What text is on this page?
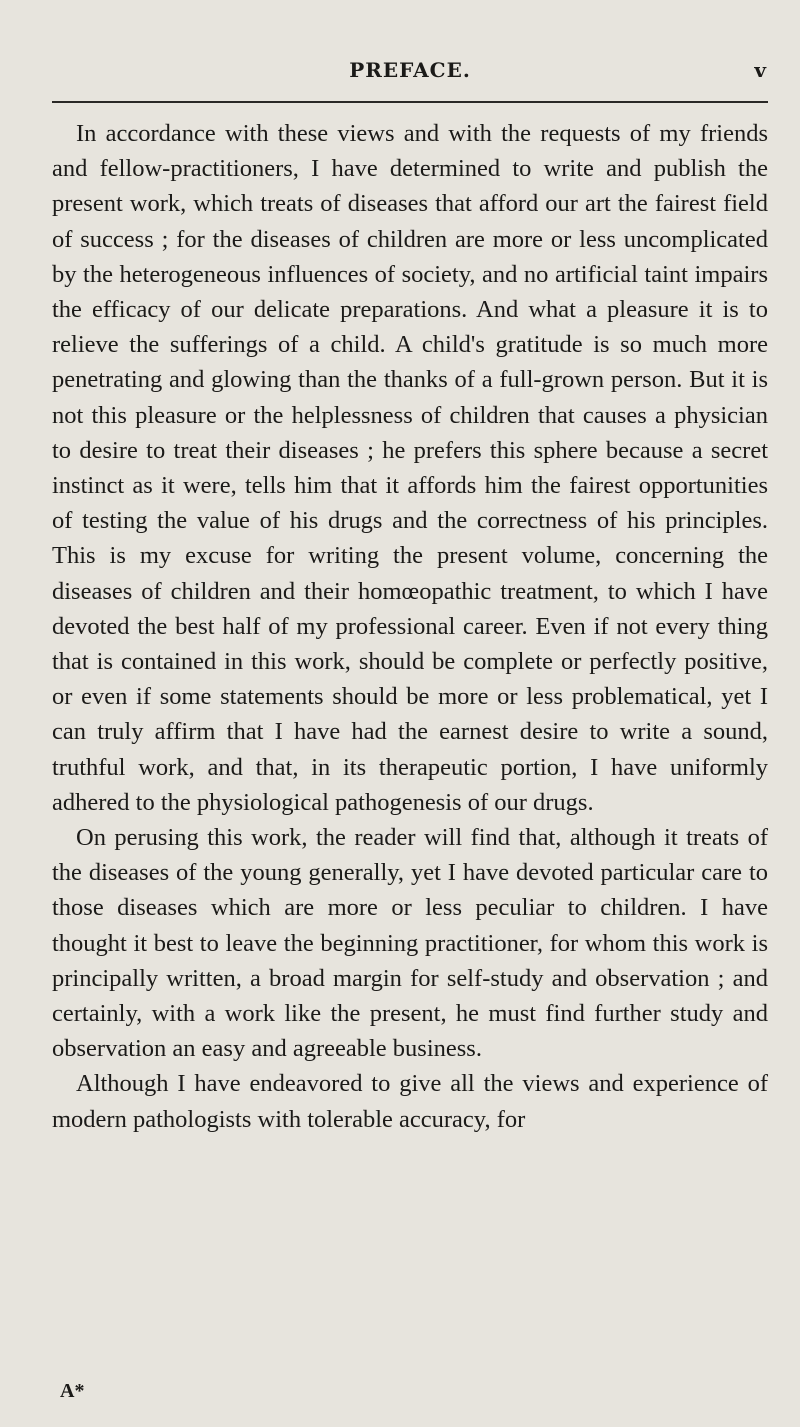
PREFACE.	v

In accordance with these views and with the requests of my friends and fellow-practitioners, I have determined to write and publish the present work, which treats of diseases that afford our art the fairest field of success ; for the diseases of children are more or less uncomplicated by the heterogeneous influences of society, and no artificial taint impairs the efficacy of our delicate preparations. And what a pleasure it is to relieve the sufferings of a child. A child's gratitude is so much more penetrating and glowing than the thanks of a full-grown person. But it is not this pleasure or the helplessness of children that causes a physician to desire to treat their diseases ; he prefers this sphere because a secret instinct as it were, tells him that it affords him the fairest opportunities of testing the value of his drugs and the correctness of his principles. This is my excuse for writing the present volume, concerning the diseases of children and their homœopathic treatment, to which I have devoted the best half of my professional career. Even if not every thing that is contained in this work, should be complete or perfectly positive, or even if some statements should be more or less problematical, yet I can truly affirm that I have had the earnest desire to write a sound, truthful work, and that, in its therapeutic portion, I have uniformly adhered to the physiological pathogenesis of our drugs.

On perusing this work, the reader will find that, although it treats of the diseases of the young generally, yet I have devoted particular care to those diseases which are more or less peculiar to children. I have thought it best to leave the beginning practitioner, for whom this work is principally written, a broad margin for self-study and observation ; and certainly, with a work like the present, he must find further study and observation an easy and agreeable business.

Although I have endeavored to give all the views and experience of modern pathologists with tolerable accuracy, for

A*
